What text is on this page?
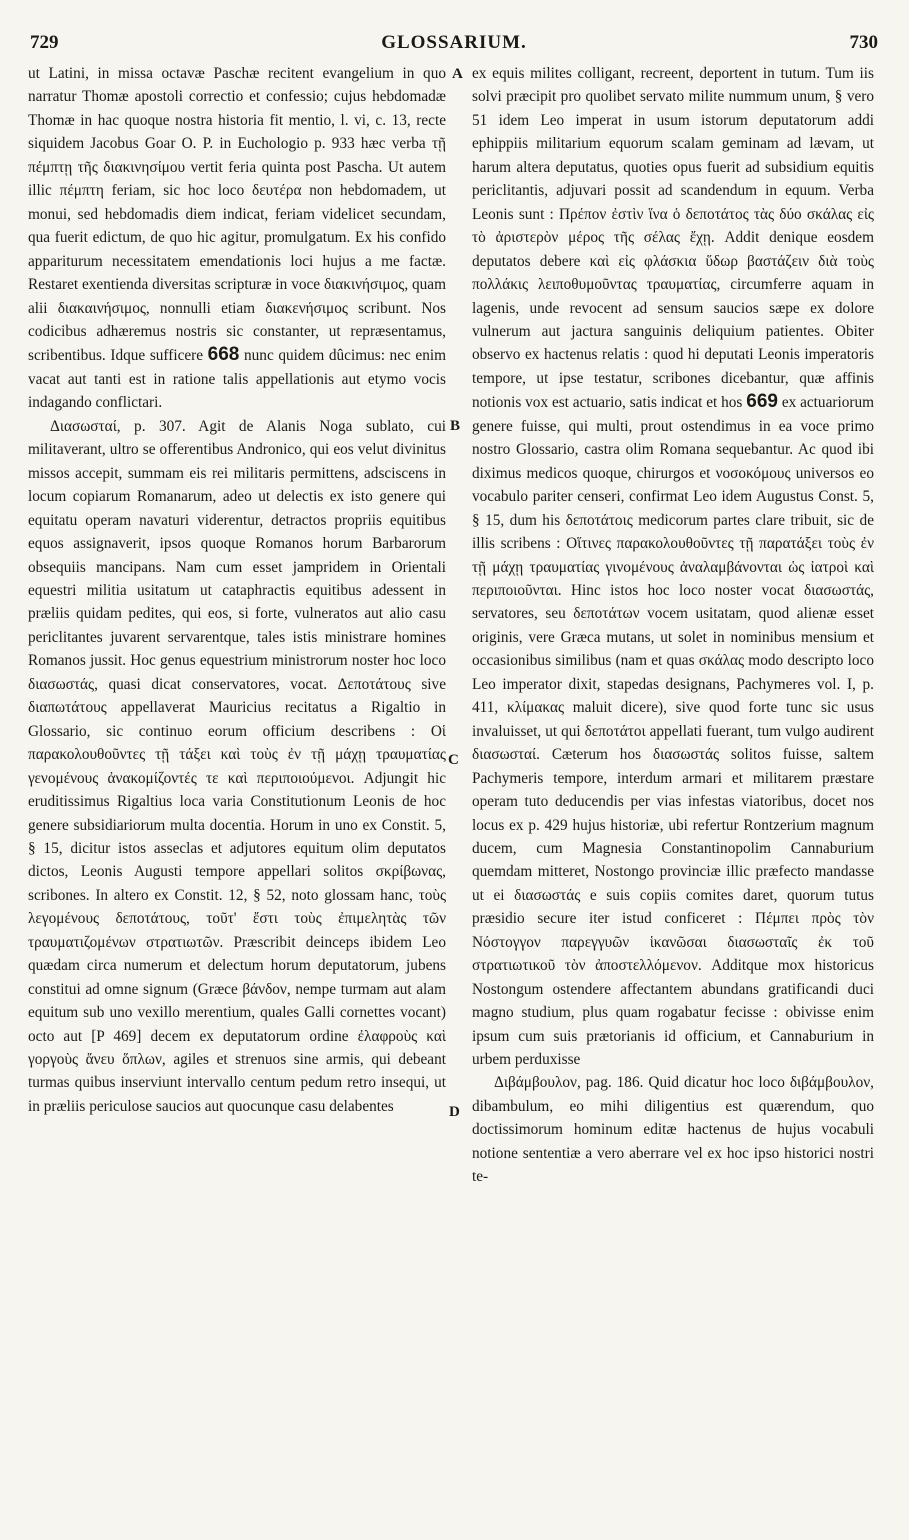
729	GLOSSARIUM.	730

ut Latini, in missa octavæ Paschæ recitent evangelium in quo narratur Thomæ apostoli correctio et confessio; cujus hebdomadæ Thomæ in hac quoque nostra historia fit mentio, l. vi, c. 13, recte siquidem Jacobus Goar O. P. in Euchologio p. 933 hæc verba τῇ πέμπτῃ τῆς διακινησίμου vertit feria quinta post Pascha. Ut autem illic πέμπτη feriam, sic hoc loco δευτέρα non hebdomadem, ut monui, sed hebdomadis diem indicat, feriam videlicet secundam, qua fuerit edictum, de quo hic agitur, promulgatum. Ex his confido appariturum necessitatem emendationis loci hujus a me factæ. Restaret exentienda diversitas scripturæ in voce διακινήσιμος, quam alii διακαινήσιμος, nonnulli etiam διακενήσιμος scribunt. Nos codicibus adhæremus nostris sic constanter, ut repræsentamus, scribentibus. Idque sufficere 668 nunc quidem dûcimus: nec enim vacat aut tanti est in ratione talis appellationis aut etymo vocis indagando conflictari.

Διασωσταί, p. 307. Agit de Alanis Noga sublato, cui militaverant, ultro se offerentibus Andronico, qui eos velut divinitus missos accepit, summam eis rei militaris permittens, adsciscens in locum copiarum Romanarum, adeo ut delectis ex isto genere qui equitatu operam navaturi viderentur, detractos propriis equitibus equos assignaverit, ipsos quoque Romanos horum Barbarorum obsequiis mancipans. Nam cum esset jampridem in Orientali equestri militia usitatum ut cataphractis equitibus adessent in præliis quidam pedites, qui eos, si forte, vulneratos aut alio casu periclitantes juvarent servarentque, tales istis ministrare homines Romanos jussit. Hoc genus equestrium ministrorum noster hoc loco διασωστάς, quasi dicat conservatores, vocat. Δεποτάτους sive διαπωτάτους appellaverat Mauricius recitatus a Rigaltio in Glossario, sic continuo eorum officium describens : Οἱ παρακολουθοῦντες τῇ τάξει καὶ τοὺς ἐν τῇ μάχῃ τραυματίας γενομένους ἀνακομίζοντές τε καὶ περιποιούμενοι. Adjungit hic eruditissimus Rigaltius loca varia Constitutionum Leonis de hoc genere subsidiariorum multa docentia. Horum in uno ex Constit. 5, § 15, dicitur istos asseclas et adjutores equitum olim deputatos dictos, Leonis Augusti tempore appellari solitos σκρίβωνας, scribones. In altero ex Constit. 12, § 52, noto glossam hanc, τοὺς λεγομένους δεποτάτους, τοῦτ' ἔστι τοὺς ἐπιμελητὰς τῶν τραυματιζομένων στρατιωτῶν. Præscribit deinceps ibidem Leo quædam circa numerum et delectum horum deputatorum, jubens constitui ad omne signum (Græce βάνδον, nempe turmam aut alam equitum sub uno vexillo merentium, quales Galli cornettes vocant) octo aut [P 469] decem ex deputatorum ordine ἐλαφροὺς καὶ γοργοὺς ἄνευ ὅπλων, agiles et strenuos sine armis, qui debeant turmas quibus inserviunt intervallo centum pedum retro insequi, ut in præliis periculose saucios aut quocunque casu delabentes

ex equis milites colligant, recreent, deportent in tutum. Tum iis solvi præcipit pro quolibet servato milite nummum unum, § vero 51 idem Leo imperat in usum istorum deputatorum addi ephippiis militarium equorum scalam geminam ad lævam, ut harum altera deputatus, quoties opus fuerit ad subsidium equitis periclitantis, adjuvari possit ad scandendum in equum. Verba Leonis sunt : Πρέπον ἐστὶν ἵνα ὁ δεποτάτος τὰς δύο σκάλας εἰς τὸ ἀριστερὸν μέρος τῆς σέλας ἔχῃ. Addit denique eosdem deputatos debere καὶ εἰς φλάσκια ὕδωρ βαστάζειν διὰ τοὺς πολλάκις λειποθυμοῦντας τραυματίας, circumferre aquam in lagenis, unde revocent ad sensum saucios sæpe ex dolore vulnerum aut jactura sanguinis deliquium patientes. Obiter observo ex hactenus relatis : quod hi deputati Leonis imperatoris tempore, ut ipse testatur, scribones dicebantur, quæ affinis notionis vox est actuario, satis indicat et hos 669 ex actuariorum genere fuisse, qui multi, prout ostendimus in ea voce primo nostro Glossario, castra olim Romana sequebantur. Ac quod ibi diximus medicos quoque, chirurgos et νοσοκόμους universos eo vocabulo pariter censeri, confirmat Leo idem Augustus Const. 5, § 15, dum his δεποτάτοις medicorum partes clare tribuit, sic de illis scribens : Οἵτινες παρακολουθοῦντες τῇ παρατάξει τοὺς ἐν τῇ μάχῃ τραυματίας γινομένους ἀναλαμβάνονται ὡς ἰατροὶ καὶ περιποιοῦνται. Hinc istos hoc loco noster vocat διασωστάς, servatores, seu δεποτάτων vocem usitatam, quod alienæ esset originis, vere Græca mutans, ut solet in nominibus mensium et occasionibus similibus (nam et quas σκάλας modo descripto loco Leo imperator dixit, stapedas designans, Pachymeres vol. I, p. 411, κλίμακας maluit dicere), sive quod forte tunc sic usus invaluisset, ut qui δεποτάτοι appellati fuerant, tum vulgo audirent διασωσταί. Cæterum hos διασωστάς solitos fuisse, saltem Pachymeris tempore, interdum armari et militarem præstare operam tuto deducendis per vias infestas viatoribus, docet nos locus ex p. 429 hujus historiæ, ubi refertur Rontzerium magnum ducem, cum Magnesia Constantinopolim Cannaburium quemdam mitteret, Nostongo provinciæ illic præfecto mandasse ut ei διασωστάς e suis copiis comites daret, quorum tutus præsidio secure iter istud conficeret : Πέμπει πρὸς τὸν Νόστογγον παρεγγυῶν ἱκανῶσαι διασωσταῖς ἐκ τοῦ στρατιωτικοῦ τὸν ἀποστελλόμενον. Additque mox historicus Nostongum ostendere affectantem abundans gratificandi duci magno studium, plus quam rogabatur fecisse : obivisse enim ipsum cum suis prætorianis id officium, et Cannaburium in urbem perduxisse

Διβάμβουλον, pag. 186. Quid dicatur hoc loco διβάμβουλον, dibambulum, eo mihi diligentius est quærendum, quo doctissimorum hominum editæ hactenus de hujus vocabuli notione sententiæ a vero aberrare vel ex hoc ipso historici nostri te-

A
B
C
D
